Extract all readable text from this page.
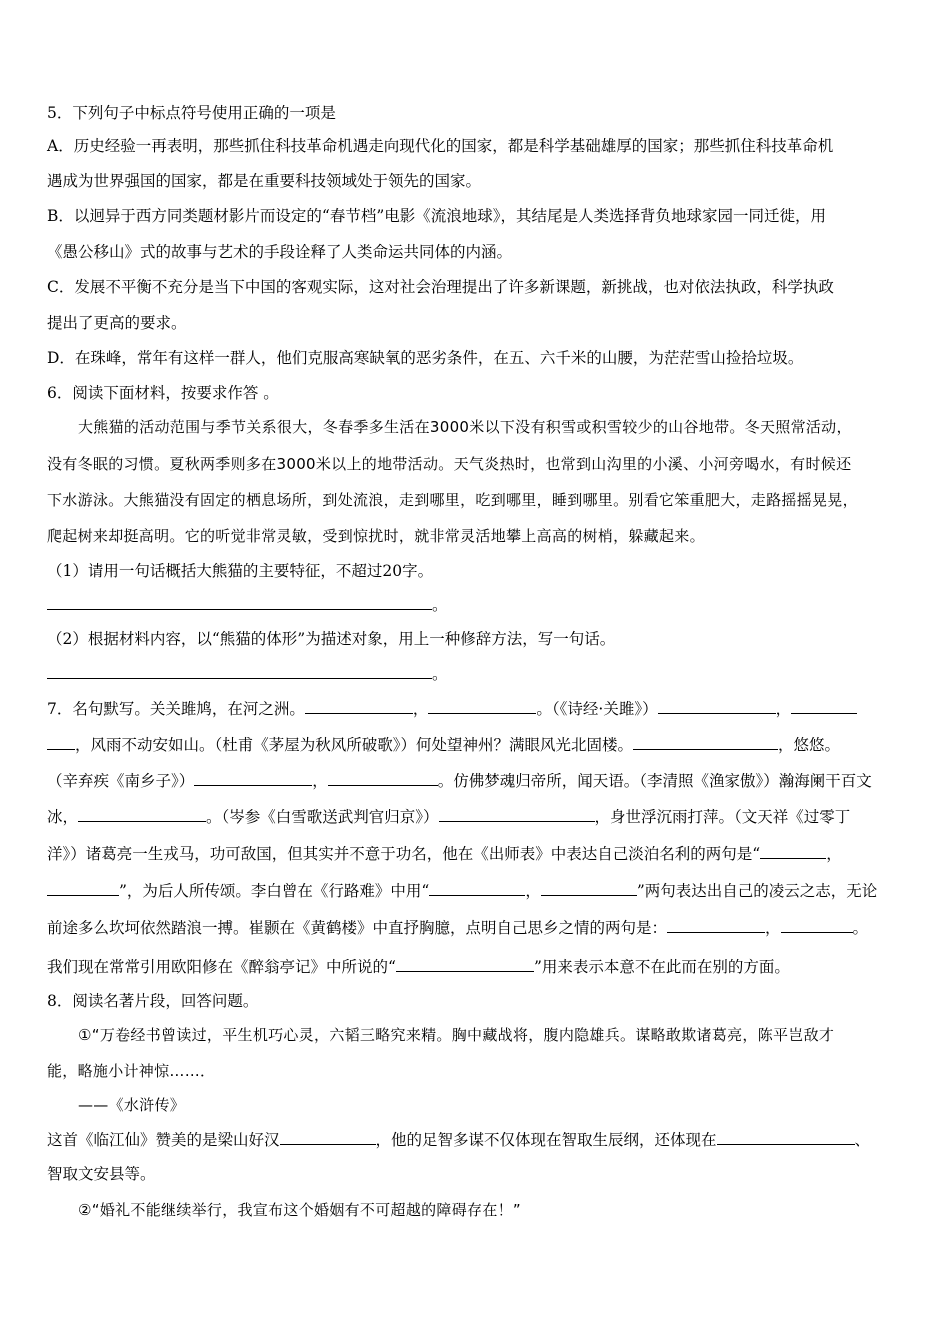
5．下列句子中标点符号使用正确的一项是
A．历史经验一再表明，那些抓住科技革命机遇走向现代化的国家，都是科学基础雄厚的国家；那些抓住科技革命机
遇成为世界强国的国家，都是在重要科技领域处于领先的国家。
B．以迥异于西方同类题材影片而设定的“春节档”电影《流浪地球》，其结尾是人类选择背负地球家园一同迁徙，用
《愚公移山》式的故事与艺术的手段诠释了人类命运共同体的内涵。
C．发展不平衡不充分是当下中国的客观实际，这对社会治理提出了许多新课题，新挑战，也对依法执政，科学执政
提出了更高的要求。
D．在珠峰，常年有这样一群人，他们克服高寒缺氧的恶劣条件，在五、六千米的山腰，为茫茫雪山捡拾垃圾。
6．阅读下面材料，按要求作答 。
大熊猫的活动范围与季节关系很大，冬春季多生活在3000米以下没有积雪或积雪较少的山谷地带。冬天照常活动，
没有冬眠的习惯。夏秋两季则多在3000米以上的地带活动。天气炎热时，也常到山沟里的小溪、小河旁喝水，有时候还
下水游泳。大熊猫没有固定的栖息场所，到处流浪，走到哪里，吃到哪里，睡到哪里。别看它笨重肥大，走路摇摇晃晃，
爬起树来却挺高明。它的听觉非常灵敏，受到惊扰时，就非常灵活地攀上高高的树梢，躲藏起来。
（1）请用一句话概括大熊猫的主要特征，不超过20字。
。
（2）根据材料内容，以“熊猫的体形”为描述对象，用上一种修辞方法，写一句话。
。
7．名句默写。关关雎鸠，在河之洲。	，	。（《诗经·关雎》）	，
，风雨不动安如山。（杜甫《茅屋为秋风所破歌》）何处望神州？满眼风光北固楼。	，悠悠。
（辛弃疾《南乡子》）	，	。仿佛梦魂归帝所，闻天语。（李清照《渔家傲》）瀚海阑干百文
冰，	。（岑参《白雪歌送武判官归京》）	，身世浮沉雨打萍。（文天祥《过零丁
洋》）诸葛亮一生戎马，功可敌国，但其实并不意于功名，他在《出师表》中表达自己淡泊名利的两句是“	，
”，为后人所传颂。李白曾在《行路难》中用“	，	”两句表达出自己的凌云之志，无论
前途多么坎坷依然踏浪一搏。崔颢在《黄鹤楼》中直抒胸臆，点明自己思乡之情的两句是：	，	。
我们现在常常引用欧阳修在《醉翁亭记》中所说的“	”用来表示本意不在此而在别的方面。
8．阅读名著片段，回答问题。
①“万卷经书曾读过，平生机巧心灵，六韬三略究来精。胸中藏战将，腹内隐雄兵。谋略敢欺诸葛亮，陈平岂敌才
能，略施小计神惊……．
——《水浒传》
这首《临江仙》赞美的是梁山好汉	，他的足智多谋不仅体现在智取生辰纲，还体现在	、
智取文安县等。
②“婚礼不能继续举行，我宣布这个婚姻有不可超越的障碍存在！”
